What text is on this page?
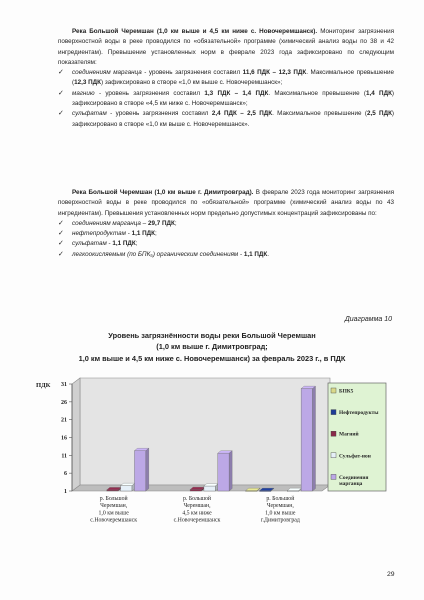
Река Большой Черемшан (1,0 км выше и 4,5 км ниже с. Новочеремшанск). Мониторинг загрязнения поверхностной воды в реке проводился по «обязательной» программе (химический анализ воды по 38 и 42 ингредиентам). Превышение установленных норм в феврале 2023 года зафиксировано по следующим показателям:

✓ соединениям марганца - уровень загрязнения составил 11,6 ПДК – 12,3 ПДК. Максимальное превышение (12,3 ПДК) зафиксировано в створе «1,0 км выше с. Новочеремшанск»;
✓ магнию - уровень загрязнения составил 1,3 ПДК – 1,4 ПДК. Максимальное превышение (1,4 ПДК) зафиксировано в створе «4,5 км ниже с. Новочеремшанск»;
✓ сульфатам - уровень загрязнения составил 2,4 ПДК – 2,5 ПДК. Максимальное превышение (2,5 ПДК) зафиксировано в створе «1,0 км выше с. Новочеремшанск».

Река Большой Черемшан (1,0 км выше г. Димитровград). В феврале 2023 года мониторинг загрязнения поверхностной воды в реке проводился по «обязательной» программе (химический анализ воды по 43 ингредиентам). Превышения установленных норм предельно допустимых концентраций зафиксированы по:

✓ соединениям марганца – 29,7 ПДК;
✓ нефтепродуктам - 1,1 ПДК;
✓ сульфатам - 1,1 ПДК;
✓ легкоокисляемым (по БПК₅) органическим соединениям - 1,1 ПДК.
Диаграмма 10
Уровень загрязнённости воды реки Большой Черемшан
(1,0 км выше г. Димитровград;
1,0 км выше и 4,5 км ниже с. Новочеремшанск) за февраль 2023 г., в ПДК
ПДК
1
6
11
16
21
26
31
р. Большой Черемшан, 1,0 км выше с.Новочеремшанск
р. Большой Черемшан, 4,5 км ниже с.Новочеремшанск
р. Большой Черемшан, 1,0 км выше г.Димитровград
БПК5
Нефтепродукты
Магний
Сульфат-ион
Соединения марганца
29
